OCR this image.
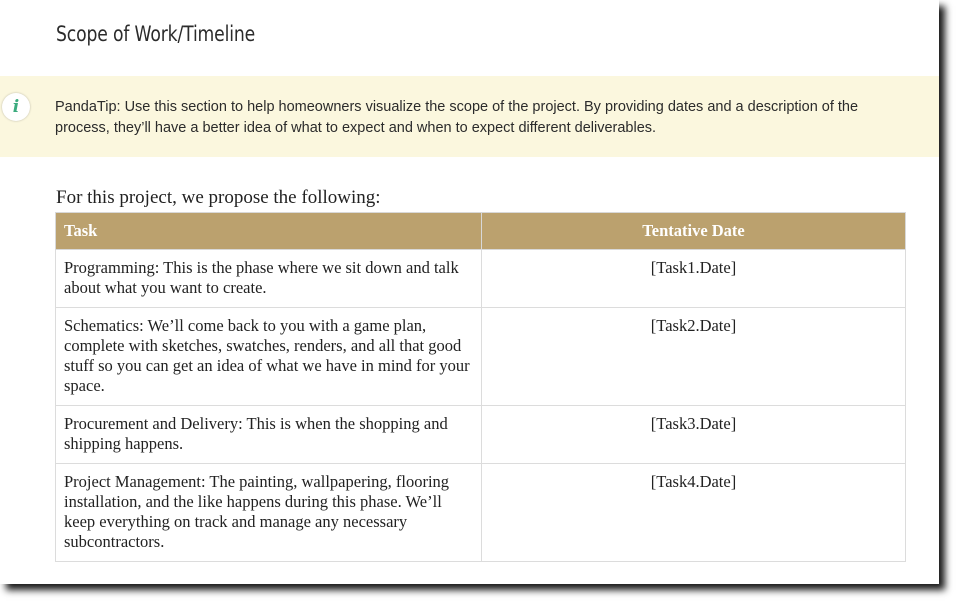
Scope of Work/Timeline
i	PandaTip: Use this section to help homeowners visualize the scope of the project. By providing dates and a description of the process, they’ll have a better idea of what to expect and when to expect different deliverables.
For this project, we propose the following:
Task	Tentative Date
Programming: This is the phase where we sit down and talk about what you want to create.	[Task1.Date]
Schematics: We’ll come back to you with a game plan, complete with sketches, swatches, renders, and all that good stuff so you can get an idea of what we have in mind for your space.	[Task2.Date]
Procurement and Delivery: This is when the shopping and shipping happens.	[Task3.Date]
Project Management: The painting, wallpapering, flooring installation, and the like happens during this phase. We’ll keep everything on track and manage any necessary subcontractors.	[Task4.Date]
